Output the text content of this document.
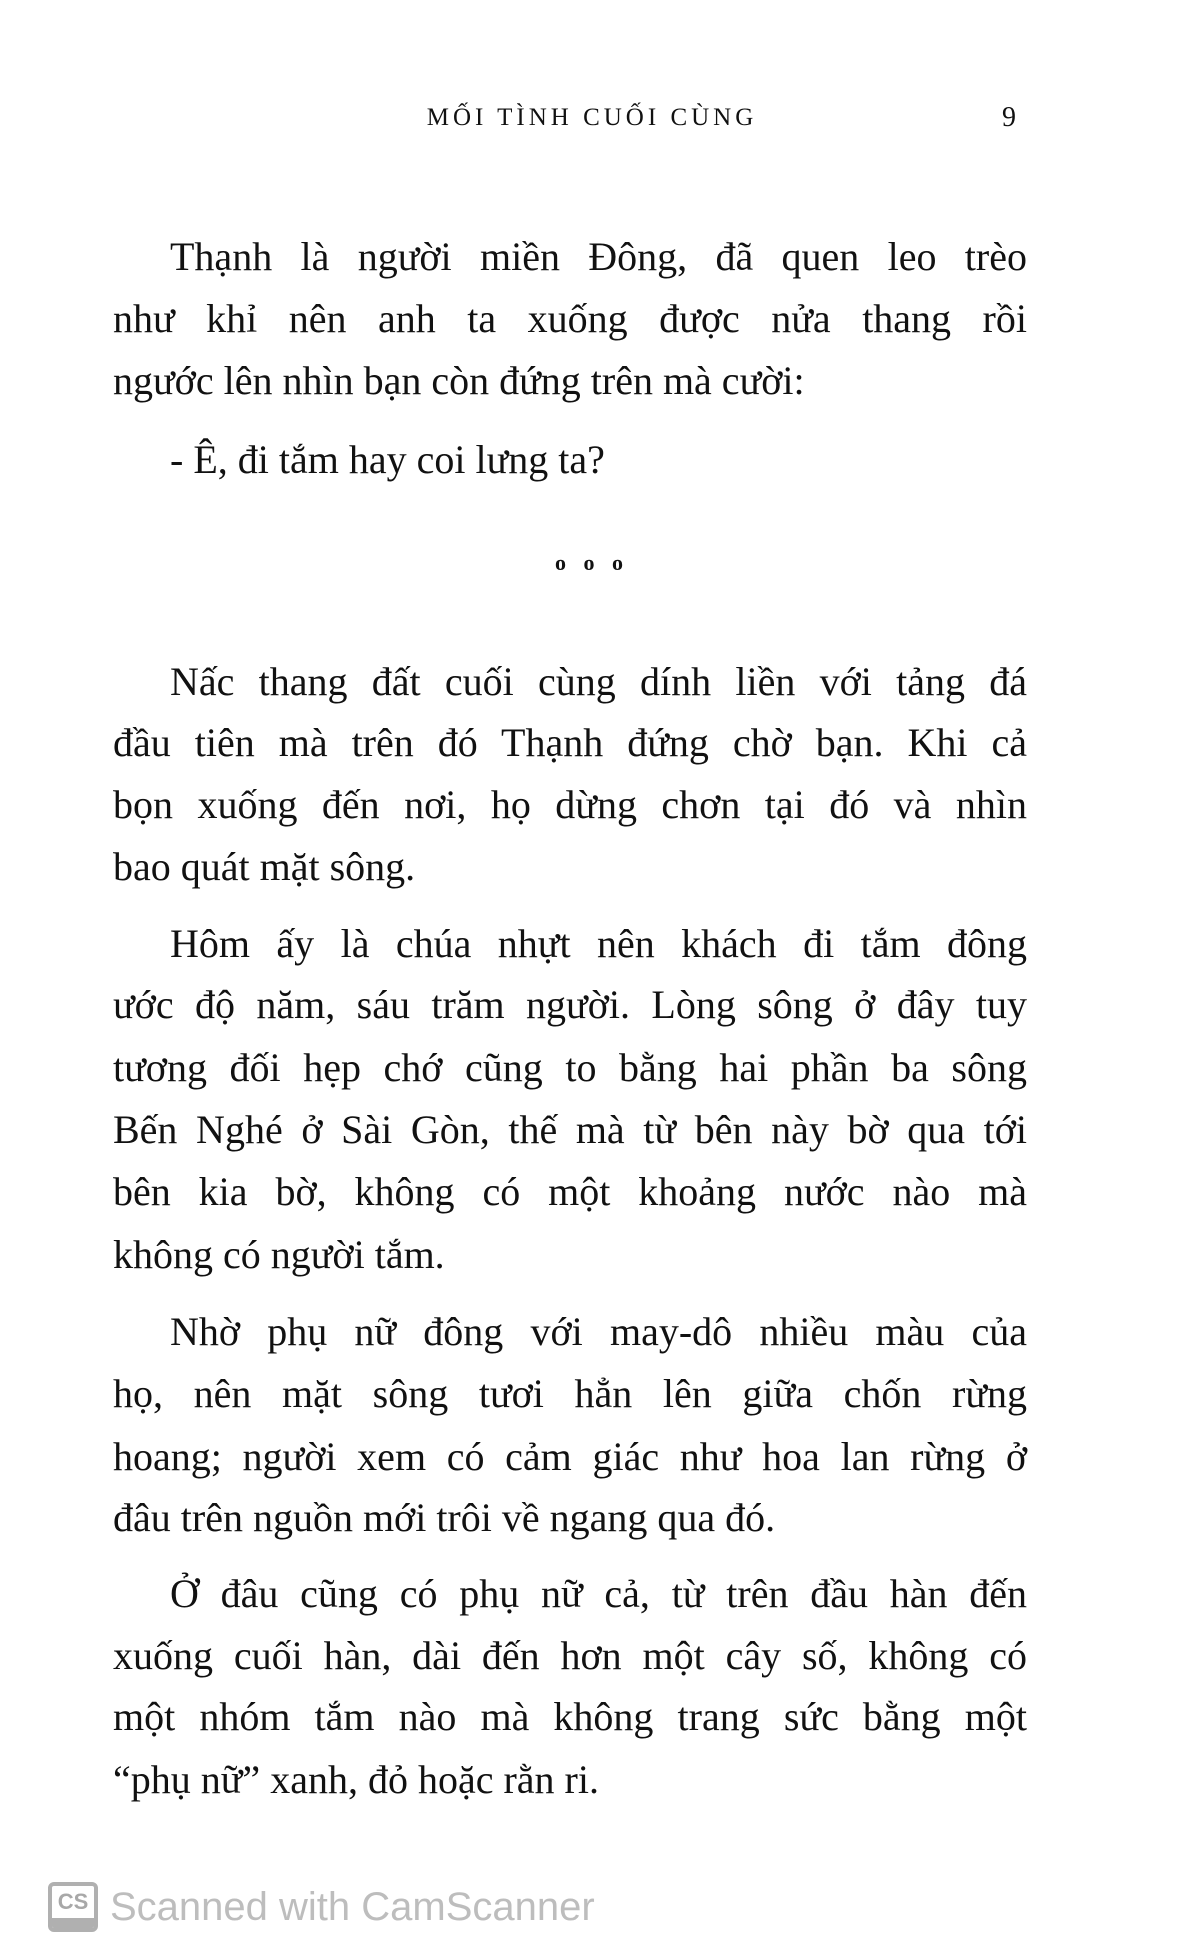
MỐI TÌNH CUỐI CÙNG	9
Thạnh là người miền Đông, đã quen leo trèo
như khỉ nên anh ta xuống được nửa thang rồi
ngước lên nhìn bạn còn đứng trên mà cười:
- Ê, đi tắm hay coi lưng ta?
o o o
Nấc thang đất cuối cùng dính liền với tảng đá
đầu tiên mà trên đó Thạnh đứng chờ bạn. Khi cả
bọn xuống đến nơi, họ dừng chơn tại đó và nhìn
bao quát mặt sông.
Hôm ấy là chúa nhựt nên khách đi tắm đông
ước độ năm, sáu trăm người. Lòng sông ở đây tuy
tương đối hẹp chớ cũng to bằng hai phần ba sông
Bến Nghé ở Sài Gòn, thế mà từ bên này bờ qua tới
bên kia bờ, không có một khoảng nước nào mà
không có người tắm.
Nhờ phụ nữ đông với may-dô nhiều màu của
họ, nên mặt sông tươi hẳn lên giữa chốn rừng
hoang; người xem có cảm giác như hoa lan rừng ở
đâu trên nguồn mới trôi về ngang qua đó.
Ở đâu cũng có phụ nữ cả, từ trên đầu hàn đến
xuống cuối hàn, dài đến hơn một cây số, không có
một nhóm tắm nào mà không trang sức bằng một
“phụ nữ” xanh, đỏ hoặc rằn ri.
CS Scanned with CamScanner
